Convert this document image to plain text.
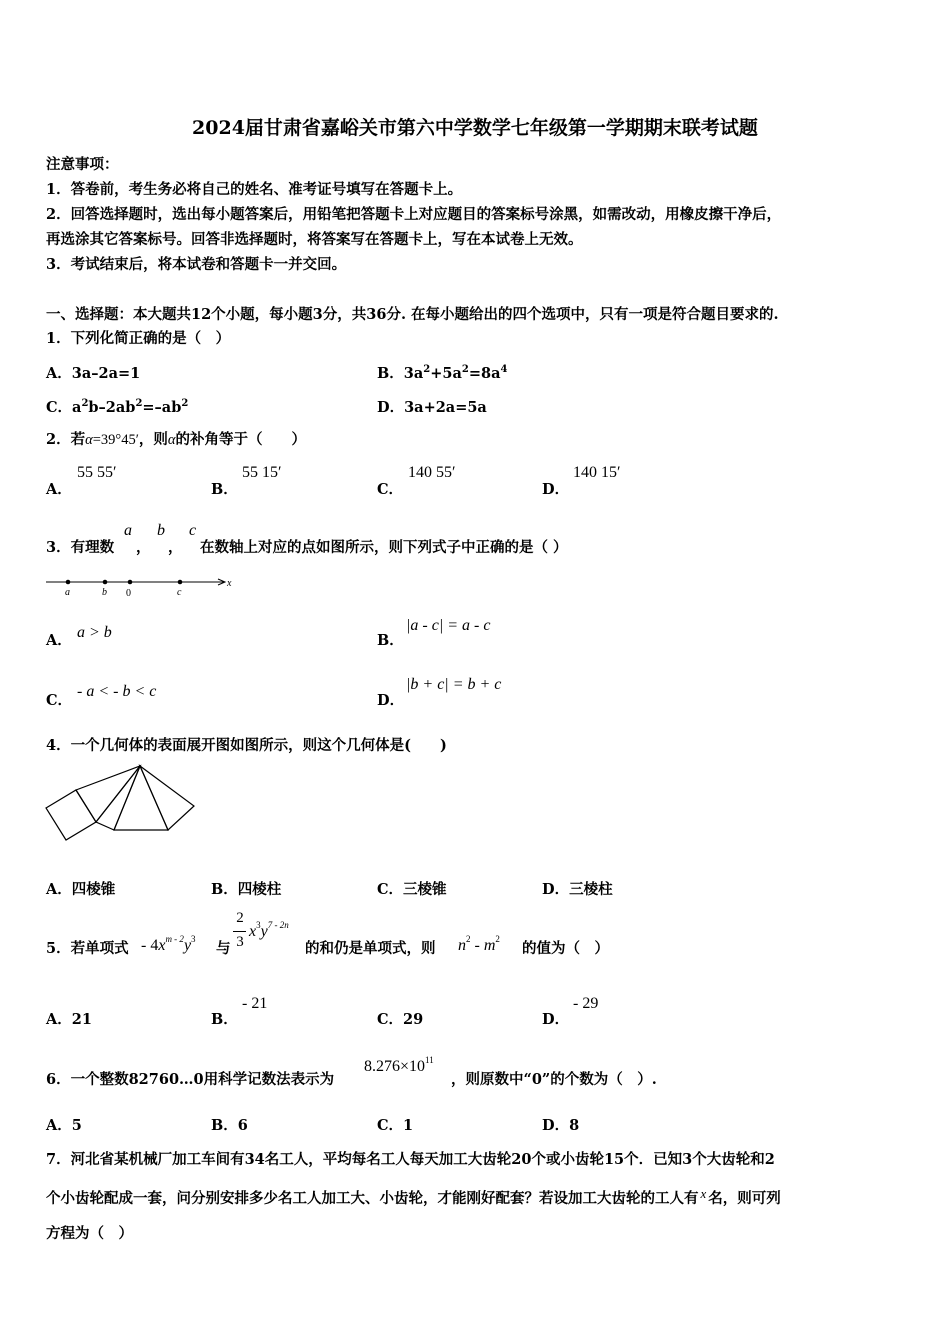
2024届甘肃省嘉峪关市第六中学数学七年级第一学期期末联考试题
注意事项：
1．答卷前，考生务必将自己的姓名、准考证号填写在答题卡上。
2．回答选择题时，选出每小题答案后，用铅笔把答题卡上对应题目的答案标号涂黑，如需改动，用橡皮擦干净后，
再选涂其它答案标号。回答非选择题时，将答案写在答题卡上，写在本试卷上无效。
3．考试结束后，将本试卷和答题卡一并交回。
一、选择题：本大题共12个小题，每小题3分，共36分. 在每小题给出的四个选项中，只有一项是符合题目要求的.
1．下列化简正确的是（　）
A．3a–2a=1	B．$3a^2+5a^2=8a^4$
C．$a^2b-2ab^2=-ab^2$	D．3a+2a=5a
2．若α=39°45′，则α的补角等于（　　）
A．
55 55′
B．
55 15′
C．
140 55′
D．
140 15′
3．有理数
a
，
b
，
c
在数轴上对应的点如图所示，则下列式子中正确的是（ ）
a	b 0	c
x
A． a > b	B．
|a - c| = a - c
C．
- a < - b < c
D．
|b + c| = b + c
4．一个几何体的表面展开图如图所示，则这个几何体是(　　)
A．四棱锥	B．四棱柱	C．三棱锥	D．三棱柱
5．若单项式 - $4x^{m - 2}y^3$
与
2
3
$x^3y^{7 - 2n}$
的和仍是单项式，则 $n^2 - m^2$
的值为（　）
A．21	B．
- 21
C．29	D．
- 29
6．一个整数82760…0用科学记数法表示为
$8.276\times 10^{11}$
，则原数中“0”的个数为（　）.
A．5	B．6	C．1	D．8
7．河北省某机械厂加工车间有34名工人，平均每名工人每天加工大齿轮20个或小齿轮15个．已知3个大齿轮和2
个小齿轮配成一套，问分别安排多少名工人加工大、小齿轮，才能刚好配套？若设加工大齿轮的工人有 x 名，则可列
方程为（　）
